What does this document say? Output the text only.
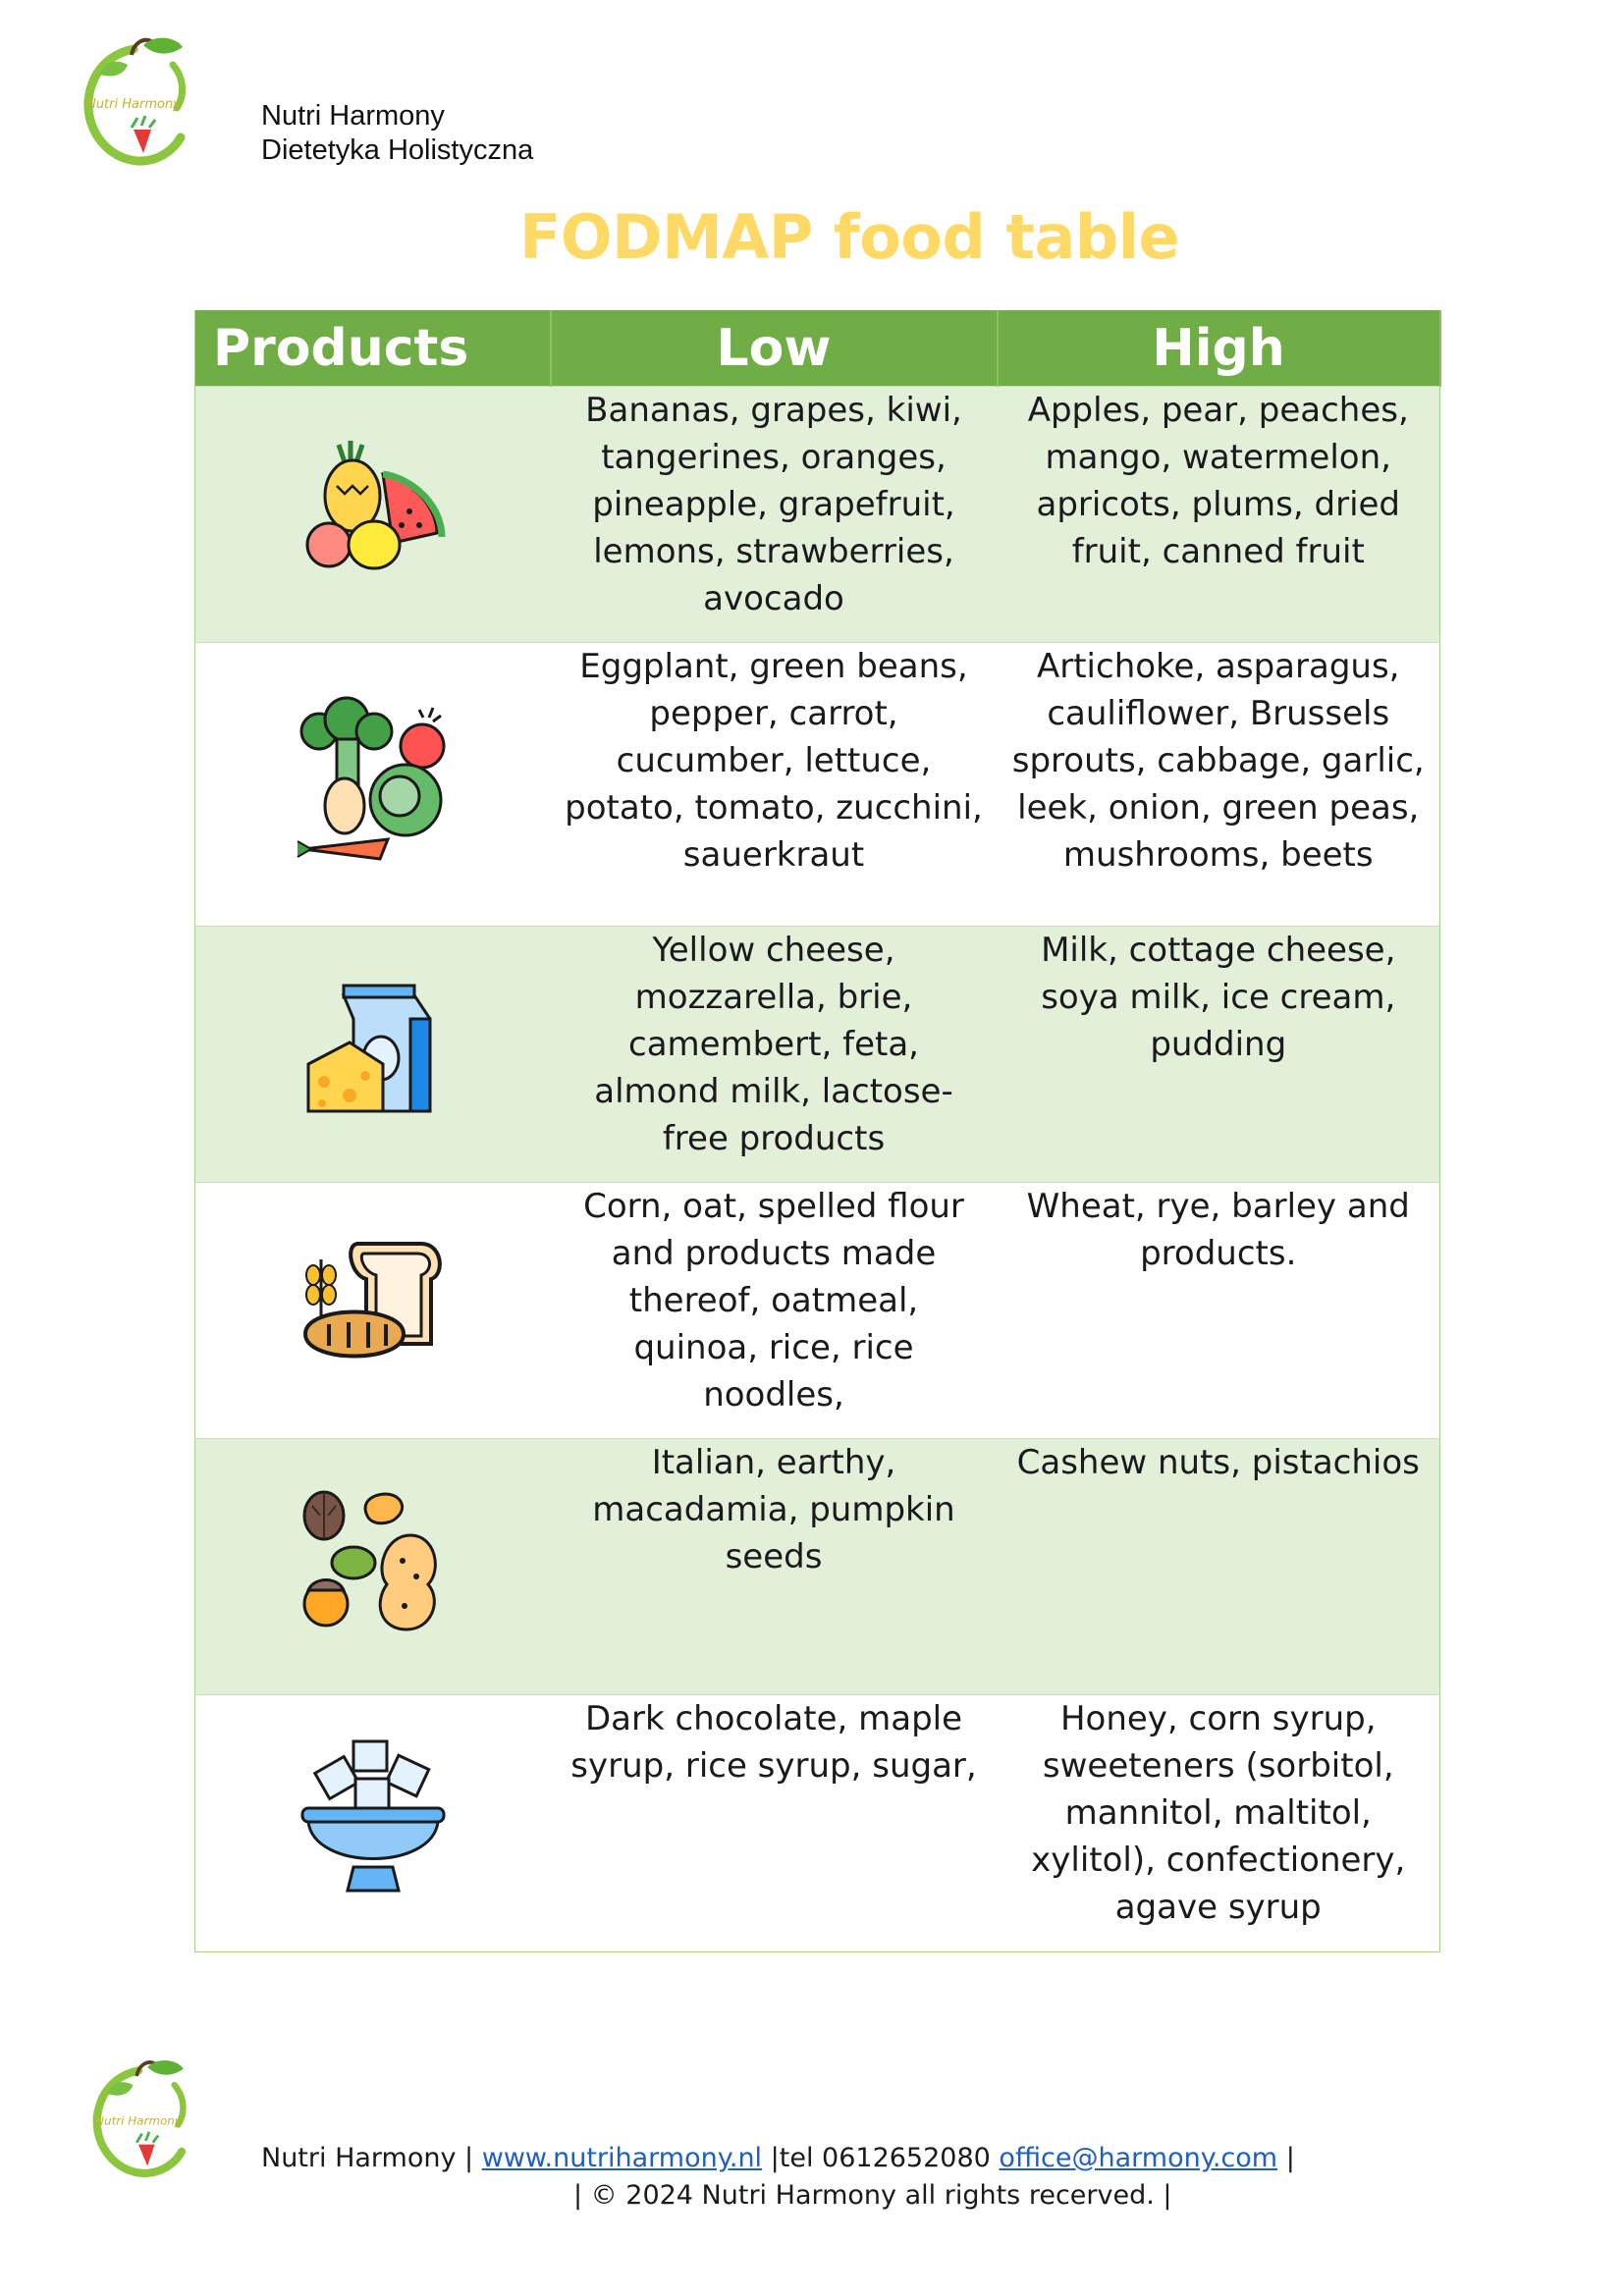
Nutri Harmony	Nutri Harmony
Dietetyka Holistyczna
FODMAP food table
Products	Low	High
	Bananas, grapes, kiwi, tangerines, oranges, pineapple, grapefruit, lemons, strawberries, avocado	Apples, pear, peaches, mango, watermelon, apricots, plums, dried fruit, canned fruit
	Eggplant, green beans, pepper, carrot, cucumber, lettuce, potato, tomato, zucchini, sauerkraut	Artichoke, asparagus, cauliflower, Brussels sprouts, cabbage, garlic, leek, onion, green peas, mushrooms, beets
	Yellow cheese, mozzarella, brie, camembert, feta, almond milk, lactose-free products	Milk, cottage cheese, soya milk, ice cream, pudding
	Corn, oat, spelled flour and products made thereof, oatmeal, quinoa, rice, rice noodles,	Wheat, rye, barley and products.
	Italian, earthy, macadamia, pumpkin seeds	Cashew nuts, pistachios
	Dark chocolate, maple syrup, rice syrup, sugar,	Honey, corn syrup, sweeteners (sorbitol, mannitol, maltitol, xylitol), confectionery, agave syrup
Nutri Harmony
Nutri Harmony | www.nutriharmony.nl |tel 0612652080 office@harmony.com |
| © 2024 Nutri Harmony all rights recerved. |
